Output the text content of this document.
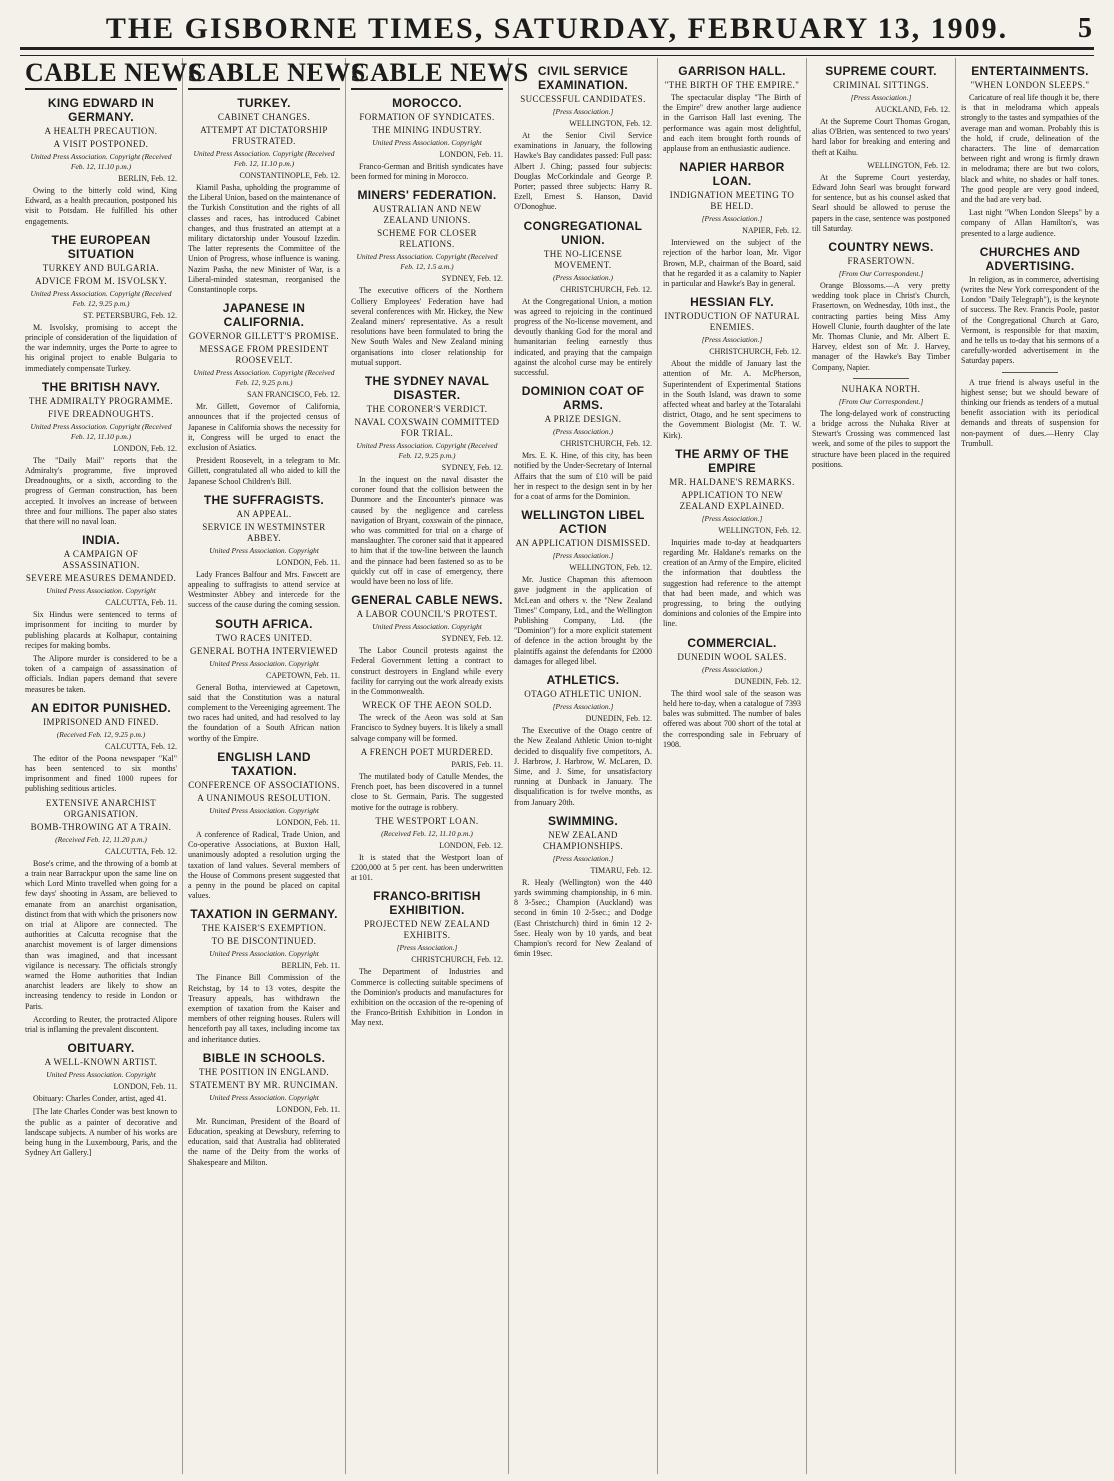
THE GISBORNE TIMES, SATURDAY, FEBRUARY 13, 1909. 5
CABLE NEWS
KING EDWARD IN GERMANY.
A HEALTH PRECAUTION.
A VISIT POSTPONED.
United Press Association. Copyright (Received Feb. 12, 11.10 p.m.)
BERLIN, Feb. 12.

Owing to the bitterly cold wind, King Edward, as a health precaution, postponed his visit to Potsdam. He fulfilled his other engagements.

THE EUROPEAN SITUATION
TURKEY AND BULGARIA.
ADVICE FROM M. ISVOLSKY.
United Press Association. Copyright (Received Feb. 12, 9.25 p.m.)
ST. PETERSBURG, Feb. 12.

M. Isvolsky, promising to accept the principle of consideration of the liquidation of the war indemnity, urges the Porte to agree to his original project to enable Bulgaria to immediately compensate Turkey.

THE BRITISH NAVY.
THE ADMIRALTY PROGRAMME.
FIVE DREADNOUGHTS.
United Press Association. Copyright (Received Feb. 12, 11.10 p.m.)
LONDON, Feb. 12.

The "Daily Mail" reports that the Admiralty's programme, five improved Dreadnoughts, or a sixth, according to the progress of German construction, has been accepted. It involves an increase of between three and four millions. The paper also states that there will no naval loan.

INDIA.
A CAMPAIGN OF ASSASSINATION.
SEVERE MEASURES DEMANDED.
United Press Association. Copyright
CALCUTTA, Feb. 11.

Six Hindus were sentenced to terms of imprisonment for inciting to murder by publishing placards at Kolhapur, containing recipes for making bombs.

The Alipore murder is considered to be a token of a campaign of assassination of officials. Indian papers demand that severe measures be taken.

AN EDITOR PUNISHED.
IMPRISONED AND FINED.
(Received Feb. 12, 9.25 p.m.)
CALCUTTA, Feb. 12.

The editor of the Poona newspaper "Kal" has been sentenced to six months' imprisonment and fined 1000 rupees for publishing seditious articles.

EXTENSIVE ANARCHIST ORGANISATION.
BOMB-THROWING AT A TRAIN.
(Received Feb. 12, 11.20 p.m.)
CALCUTTA, Feb. 12.

Bose's crime, and the throwing of a bomb at a train near Barrackpur upon the same line on which Lord Minto travelled when going for a few days' shooting in Assam, are believed to emanate from an anarchist organisation, distinct from that with which the prisoners now on trial at Alipore are connected. The authorities at Calcutta recognise that the anarchist movement is of larger dimensions than was imagined, and that incessant vigilance is necessary. The officials strongly warned the Home authorities that Indian anarchist leaders are likely to show an increasing tendency to reside in London or Paris.

According to Reuter, the protracted Alipore trial is inflaming the prevalent discontent.

OBITUARY.
A WELL-KNOWN ARTIST.
United Press Association. Copyright
LONDON, Feb. 11.

Obituary: Charles Conder, artist, aged 41.

[The late Charles Conder was best known to the public as a painter of decorative and landscape subjects. A number of his works are being hung in the Luxembourg, Paris, and the Sydney Art Gallery.]

CABLE NEWS
TURKEY.
CABINET CHANGES.
ATTEMPT AT DICTATORSHIP FRUSTRATED.
United Press Association. Copyright (Received Feb. 12, 11.10 p.m.)
CONSTANTINOPLE, Feb. 12.

Kiamil Pasha, upholding the programme of the Liberal Union, based on the maintenance of the Turkish Constitution and the rights of all classes and races, has introduced Cabinet changes, and thus frustrated an attempt at a military dictatorship under Yousouf Izzedin. The latter represents the Committee of the Union of Progress, whose influence is waning. Nazim Pasha, the new Minister of War, is a Liberal-minded statesman, reorganised the Constantinople corps.

JAPANESE IN CALIFORNIA.
GOVERNOR GILLETT'S PROMISE.
MESSAGE FROM PRESIDENT ROOSEVELT.
United Press Association. Copyright (Received Feb. 12, 9.25 p.m.)
SAN FRANCISCO, Feb. 12.

Mr. Gillett, Governor of California, announces that if the projected census of Japanese in California shows the necessity for it, Congress will be urged to enact the exclusion of Asiatics.

President Roosevelt, in a telegram to Mr. Gillett, congratulated all who aided to kill the Japanese School Children's Bill.

THE SUFFRAGISTS.
AN APPEAL.
SERVICE IN WESTMINSTER ABBEY.
United Press Association. Copyright
LONDON, Feb. 11.

Lady Frances Balfour and Mrs. Fawcett are appealing to suffragists to attend service at Westminster Abbey and intercede for the success of the cause during the coming session.

SOUTH AFRICA.
TWO RACES UNITED.
GENERAL BOTHA INTERVIEWED
United Press Association. Copyright
CAPETOWN, Feb. 11.

General Botha, interviewed at Capetown, said that the Constitution was a natural complement to the Vereeniging agreement. The two races had united, and had resolved to lay the foundation of a South African nation worthy of the Empire.

ENGLISH LAND TAXATION.
CONFERENCE OF ASSOCIATIONS.
A UNANIMOUS RESOLUTION.
United Press Association. Copyright
LONDON, Feb. 11.

A conference of Radical, Trade Union, and Co-operative Associations, at Buxton Hall, unanimously adopted a resolution urging the taxation of land values. Several members of the House of Commons present suggested that a penny in the pound be placed on capital values.

TAXATION IN GERMANY.
THE KAISER'S EXEMPTION.
TO BE DISCONTINUED.
United Press Association. Copyright
BERLIN, Feb. 11.

The Finance Bill Commission of the Reichstag, by 14 to 13 votes, despite the Treasury appeals, has withdrawn the exemption of taxation from the Kaiser and members of other reigning houses. Rulers will henceforth pay all taxes, including income tax and inheritance duties.

BIBLE IN SCHOOLS.
THE POSITION IN ENGLAND.
STATEMENT BY MR. RUNCIMAN.
United Press Association. Copyright
LONDON, Feb. 11.

Mr. Runciman, President of the Board of Education, speaking at Dewsbury, referring to education, said that Australia had obliterated the name of the Deity from the works of Shakespeare and Milton.

CABLE NEWS
MOROCCO.
FORMATION OF SYNDICATES.
THE MINING INDUSTRY.
United Press Association. Copyright
LONDON, Feb. 11.

Franco-German and British syndicates have been formed for mining in Morocco.

MINERS' FEDERATION.
AUSTRALIAN AND NEW ZEALAND UNIONS.
SCHEME FOR CLOSER RELATIONS.
United Press Association. Copyright (Received Feb. 12, 1.5 a.m.)
SYDNEY, Feb. 12.

The executive officers of the Northern Colliery Employees' Federation have had several conferences with Mr. Hickey, the New Zealand miners' representative. As a result resolutions have been formulated to bring the New South Wales and New Zealand mining organisations into closer relationship for mutual support.

THE SYDNEY NAVAL DISASTER.
THE CORONER'S VERDICT.
NAVAL COXSWAIN COMMITTED FOR TRIAL.
United Press Association. Copyright (Received Feb. 12, 9.25 p.m.)
SYDNEY, Feb. 12.

In the inquest on the naval disaster the coroner found that the collision between the Dunmore and the Encounter's pinnace was caused by the negligence and careless navigation of Bryant, coxswain of the pinnace, who was committed for trial on a charge of manslaughter. The coroner said that it appeared to him that if the tow-line between the launch and the pinnace had been fastened so as to be quickly cut off in case of emergency, there would have been no loss of life.

GENERAL CABLE NEWS.
A LABOR COUNCIL'S PROTEST.
United Press Association. Copyright
SYDNEY, Feb. 12.

The Labor Council protests against the Federal Government letting a contract to construct destroyers in England while every facility for carrying out the work already exists in the Commonwealth.

WRECK OF THE AEON SOLD.

The wreck of the Aeon was sold at San Francisco to Sydney buyers. It is likely a small salvage company will be formed.

A FRENCH POET MURDERED.
PARIS, Feb. 11.

The mutilated body of Catulle Mendes, the French poet, has been discovered in a tunnel close to St. Germain, Paris. The suggested motive for the outrage is robbery.

THE WESTPORT LOAN.
(Received Feb. 12, 11.10 p.m.)
LONDON, Feb. 12.

It is stated that the Westport loan of £200,000 at 5 per cent. has been underwritten at 101.

FRANCO-BRITISH EXHIBITION.
PROJECTED NEW ZEALAND EXHIBITS.
[Press Association.]
CHRISTCHURCH, Feb. 12.

The Department of Industries and Commerce is collecting suitable specimens of the Dominion's products and manufactures for exhibition on the occasion of the re-opening of the Franco-British Exhibition in London in May next.

CIVIL SERVICE EXAMINATION.
SUCCESSFUL CANDIDATES.
[Press Association.]
WELLINGTON, Feb. 12.

At the Senior Civil Service examinations in January, the following Hawke's Bay candidates passed: Full pass: Albert J. Ching; passed four subjects: Douglas McCorkindale and George P. Porter; passed three subjects: Harry R. Ezell, Ernest S. Hanson, David O'Donoghue.

CONGREGATIONAL UNION.
THE NO-LICENSE MOVEMENT.
(Press Association.)
CHRISTCHURCH, Feb. 12.

At the Congregational Union, a motion was agreed to rejoicing in the continued progress of the No-license movement, and devoutly thanking God for the moral and humanitarian feeling earnestly thus indicated, and praying that the campaign against the alcohol curse may be entirely successful.

DOMINION COAT OF ARMS.
A PRIZE DESIGN.
(Press Association.)
CHRISTCHURCH, Feb. 12.

Mrs. E. K. Hine, of this city, has been notified by the Under-Secretary of Internal Affairs that the sum of £10 will be paid her in respect to the design sent in by her for a coat of arms for the Dominion.

WELLINGTON LIBEL ACTION
AN APPLICATION DISMISSED.
[Press Association.]
WELLINGTON, Feb. 12.

Mr. Justice Chapman this afternoon gave judgment in the application of McLean and others v. the "New Zealand Times" Company, Ltd., and the Wellington Publishing Company, Ltd. (the "Dominion") for a more explicit statement of defence in the action brought by the plaintiffs against the defendants for £2000 damages for alleged libel.

ATHLETICS.
OTAGO ATHLETIC UNION.
[Press Association.]
DUNEDIN, Feb. 12.

The Executive of the Otago centre of the New Zealand Athletic Union to-night decided to disqualify five competitors, A. J. Harbrow, J. Harbrow, W. McLaren, D. Sime, and J. Sime, for unsatisfactory running at Dunback in January. The disqualification is for twelve months, as from January 20th.

SWIMMING.
NEW ZEALAND CHAMPIONSHIPS.
[Press Association.]
TIMARU, Feb. 12.

R. Healy (Wellington) won the 440 yards swimming championship, in 6 min. 8 3-5sec.; Champion (Auckland) was second in 6min 10 2-5sec.; and Dodge (East Christchurch) third in 6min 12 2-5sec. Healy won by 10 yards, and beat Champion's record for New Zealand of 6min 19sec.

GARRISON HALL.
"THE BIRTH OF THE EMPIRE."

The spectacular display "The Birth of the Empire" drew another large audience in the Garrison Hall last evening. The performance was again most delightful, and each item brought forth rounds of applause from an enthusiastic audience.

NAPIER HARBOR LOAN.
INDIGNATION MEETING TO BE HELD.
[Press Association.]
NAPIER, Feb. 12.

Interviewed on the subject of the rejection of the harbor loan, Mr. Vigor Brown, M.P., chairman of the Board, said that he regarded it as a calamity to Napier in particular and Hawke's Bay in general.

HESSIAN FLY.
INTRODUCTION OF NATURAL ENEMIES.
[Press Association.]
CHRISTCHURCH, Feb. 12.

About the middle of January last the attention of Mr. A. McPherson, Superintendent of Experimental Stations in the South Island, was drawn to some affected wheat and barley at the Totaralahi district, Otago, and he sent specimens to the Government Biologist (Mr. T. W. Kirk).

THE ARMY OF THE EMPIRE
MR. HALDANE'S REMARKS.
APPLICATION TO NEW ZEALAND EXPLAINED.
[Press Association.]
WELLINGTON, Feb. 12.

Inquiries made to-day at headquarters regarding Mr. Haldane's remarks on the creation of an Army of the Empire, elicited the information that doubtless the suggestion had reference to the attempt that had been made, and which was progressing, to bring the outlying dominions and colonies of the Empire into line.

COMMERCIAL.
DUNEDIN WOOL SALES.
(Press Association.)
DUNEDIN, Feb. 12.

The third wool sale of the season was held here to-day, when a catalogue of 7393 bales was submitted. The number of bales offered was about 700 short of the total at the corresponding sale in February of 1908.

SUPREME COURT.
CRIMINAL SITTINGS.
[Press Association.]
AUCKLAND, Feb. 12.

At the Supreme Court Thomas Grogan, alias O'Brien, was sentenced to two years' hard labor for breaking and entering and theft at Kaihu.

WELLINGTON, Feb. 12.

At the Supreme Court yesterday, Edward John Searl was brought forward for sentence, but as his counsel asked that Searl should be allowed to peruse the papers in the case, sentence was postponed till Saturday.

COUNTRY NEWS.
FRASERTOWN.
[From Our Correspondent.]

Orange Blossoms.—A very pretty wedding took place in Christ's Church, Frasertown, on Wednesday, 10th inst., the contracting parties being Miss Amy Howell Clunie, fourth daughter of the late Mr. Thomas Clunie, and Mr. Albert E. Harvey, eldest son of Mr. J. Harvey, manager of the Hawke's Bay Timber Company, Napier.

NUHAKA NORTH.
[From Our Correspondent.]

The long-delayed work of constructing a bridge across the Nuhaka River at Stewart's Crossing was commenced last week, and some of the piles to support the structure have been placed in the required positions.

ENTERTAINMENTS.
"WHEN LONDON SLEEPS."

Caricature of real life though it be, there is that in melodrama which appeals strongly to the tastes and sympathies of the average man and woman. Probably this is the hold, if crude, delineation of the characters. The line of demarcation between right and wrong is firmly drawn in melodrama; there are but two colors, black and white, no shades or half tones. The good people are very good indeed, and the bad are very bad.

Last night "When London Sleeps" by a company of Allan Hamilton's, was presented to a large audience.

CHURCHES AND ADVERTISING.

In religion, as in commerce, advertising (writes the New York correspondent of the London "Daily Telegraph"), is the keynote of success. The Rev. Francis Poole, pastor of the Congregational Church at Garo, Vermont, is responsible for that maxim, and he tells us to-day that his sermons of a carefully-worded advertisement in the Saturday papers.

A true friend is always useful in the highest sense; but we should beware of thinking our friends as tenders of a mutual benefit association with its periodical demands and threats of suspension for non-payment of dues.—Henry Clay Trumbull.
